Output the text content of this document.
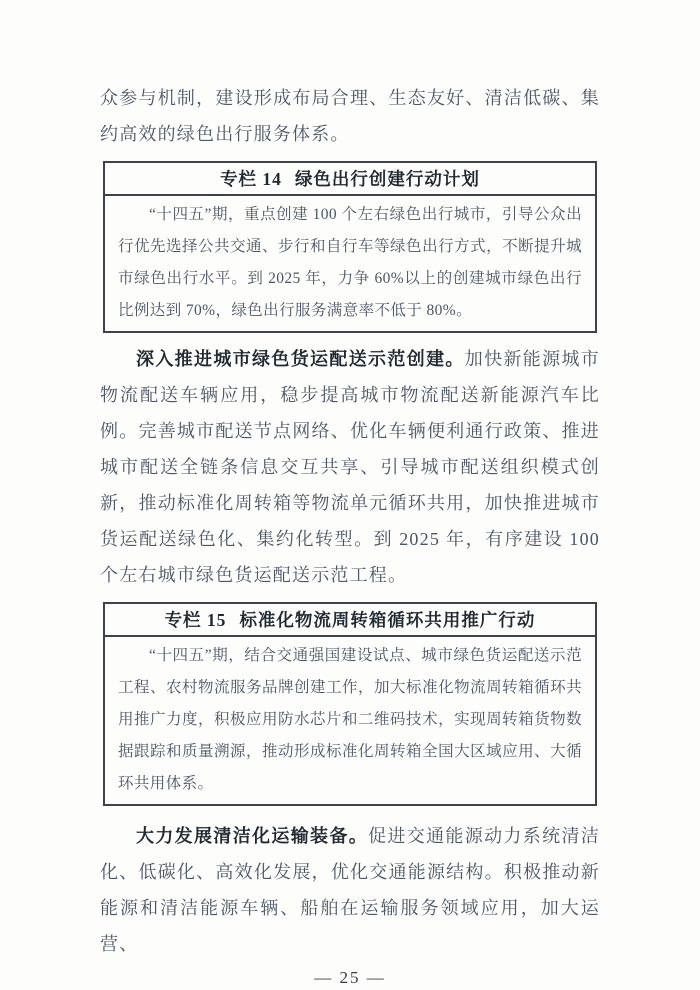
众参与机制，建设形成布局合理、生态友好、清洁低碳、集约高效的绿色出行服务体系。

专栏 14 绿色出行创建行动计划
“十四五”期，重点创建 100 个左右绿色出行城市，引导公众出行优先选择公共交通、步行和自行车等绿色出行方式，不断提升城市绿色出行水平。到 2025 年，力争 60%以上的创建城市绿色出行比例达到 70%，绿色出行服务满意率不低于 80%。

深入推进城市绿色货运配送示范创建。加快新能源城市物流配送车辆应用，稳步提高城市物流配送新能源汽车比例。完善城市配送节点网络、优化车辆便利通行政策、推进城市配送全链条信息交互共享、引导城市配送组织模式创新，推动标准化周转箱等物流单元循环共用，加快推进城市货运配送绿色化、集约化转型。到 2025 年，有序建设 100 个左右城市绿色货运配送示范工程。

专栏 15 标准化物流周转箱循环共用推广行动
“十四五”期，结合交通强国建设试点、城市绿色货运配送示范工程、农村物流服务品牌创建工作，加大标准化物流周转箱循环共用推广力度，积极应用防水芯片和二维码技术，实现周转箱货物数据跟踪和质量溯源，推动形成标准化周转箱全国大区域应用、大循环共用体系。

大力发展清洁化运输装备。促进交通能源动力系统清洁化、低碳化、高效化发展，优化交通能源结构。积极推动新能源和清洁能源车辆、船舶在运输服务领域应用，加大运营、

— 25 —
